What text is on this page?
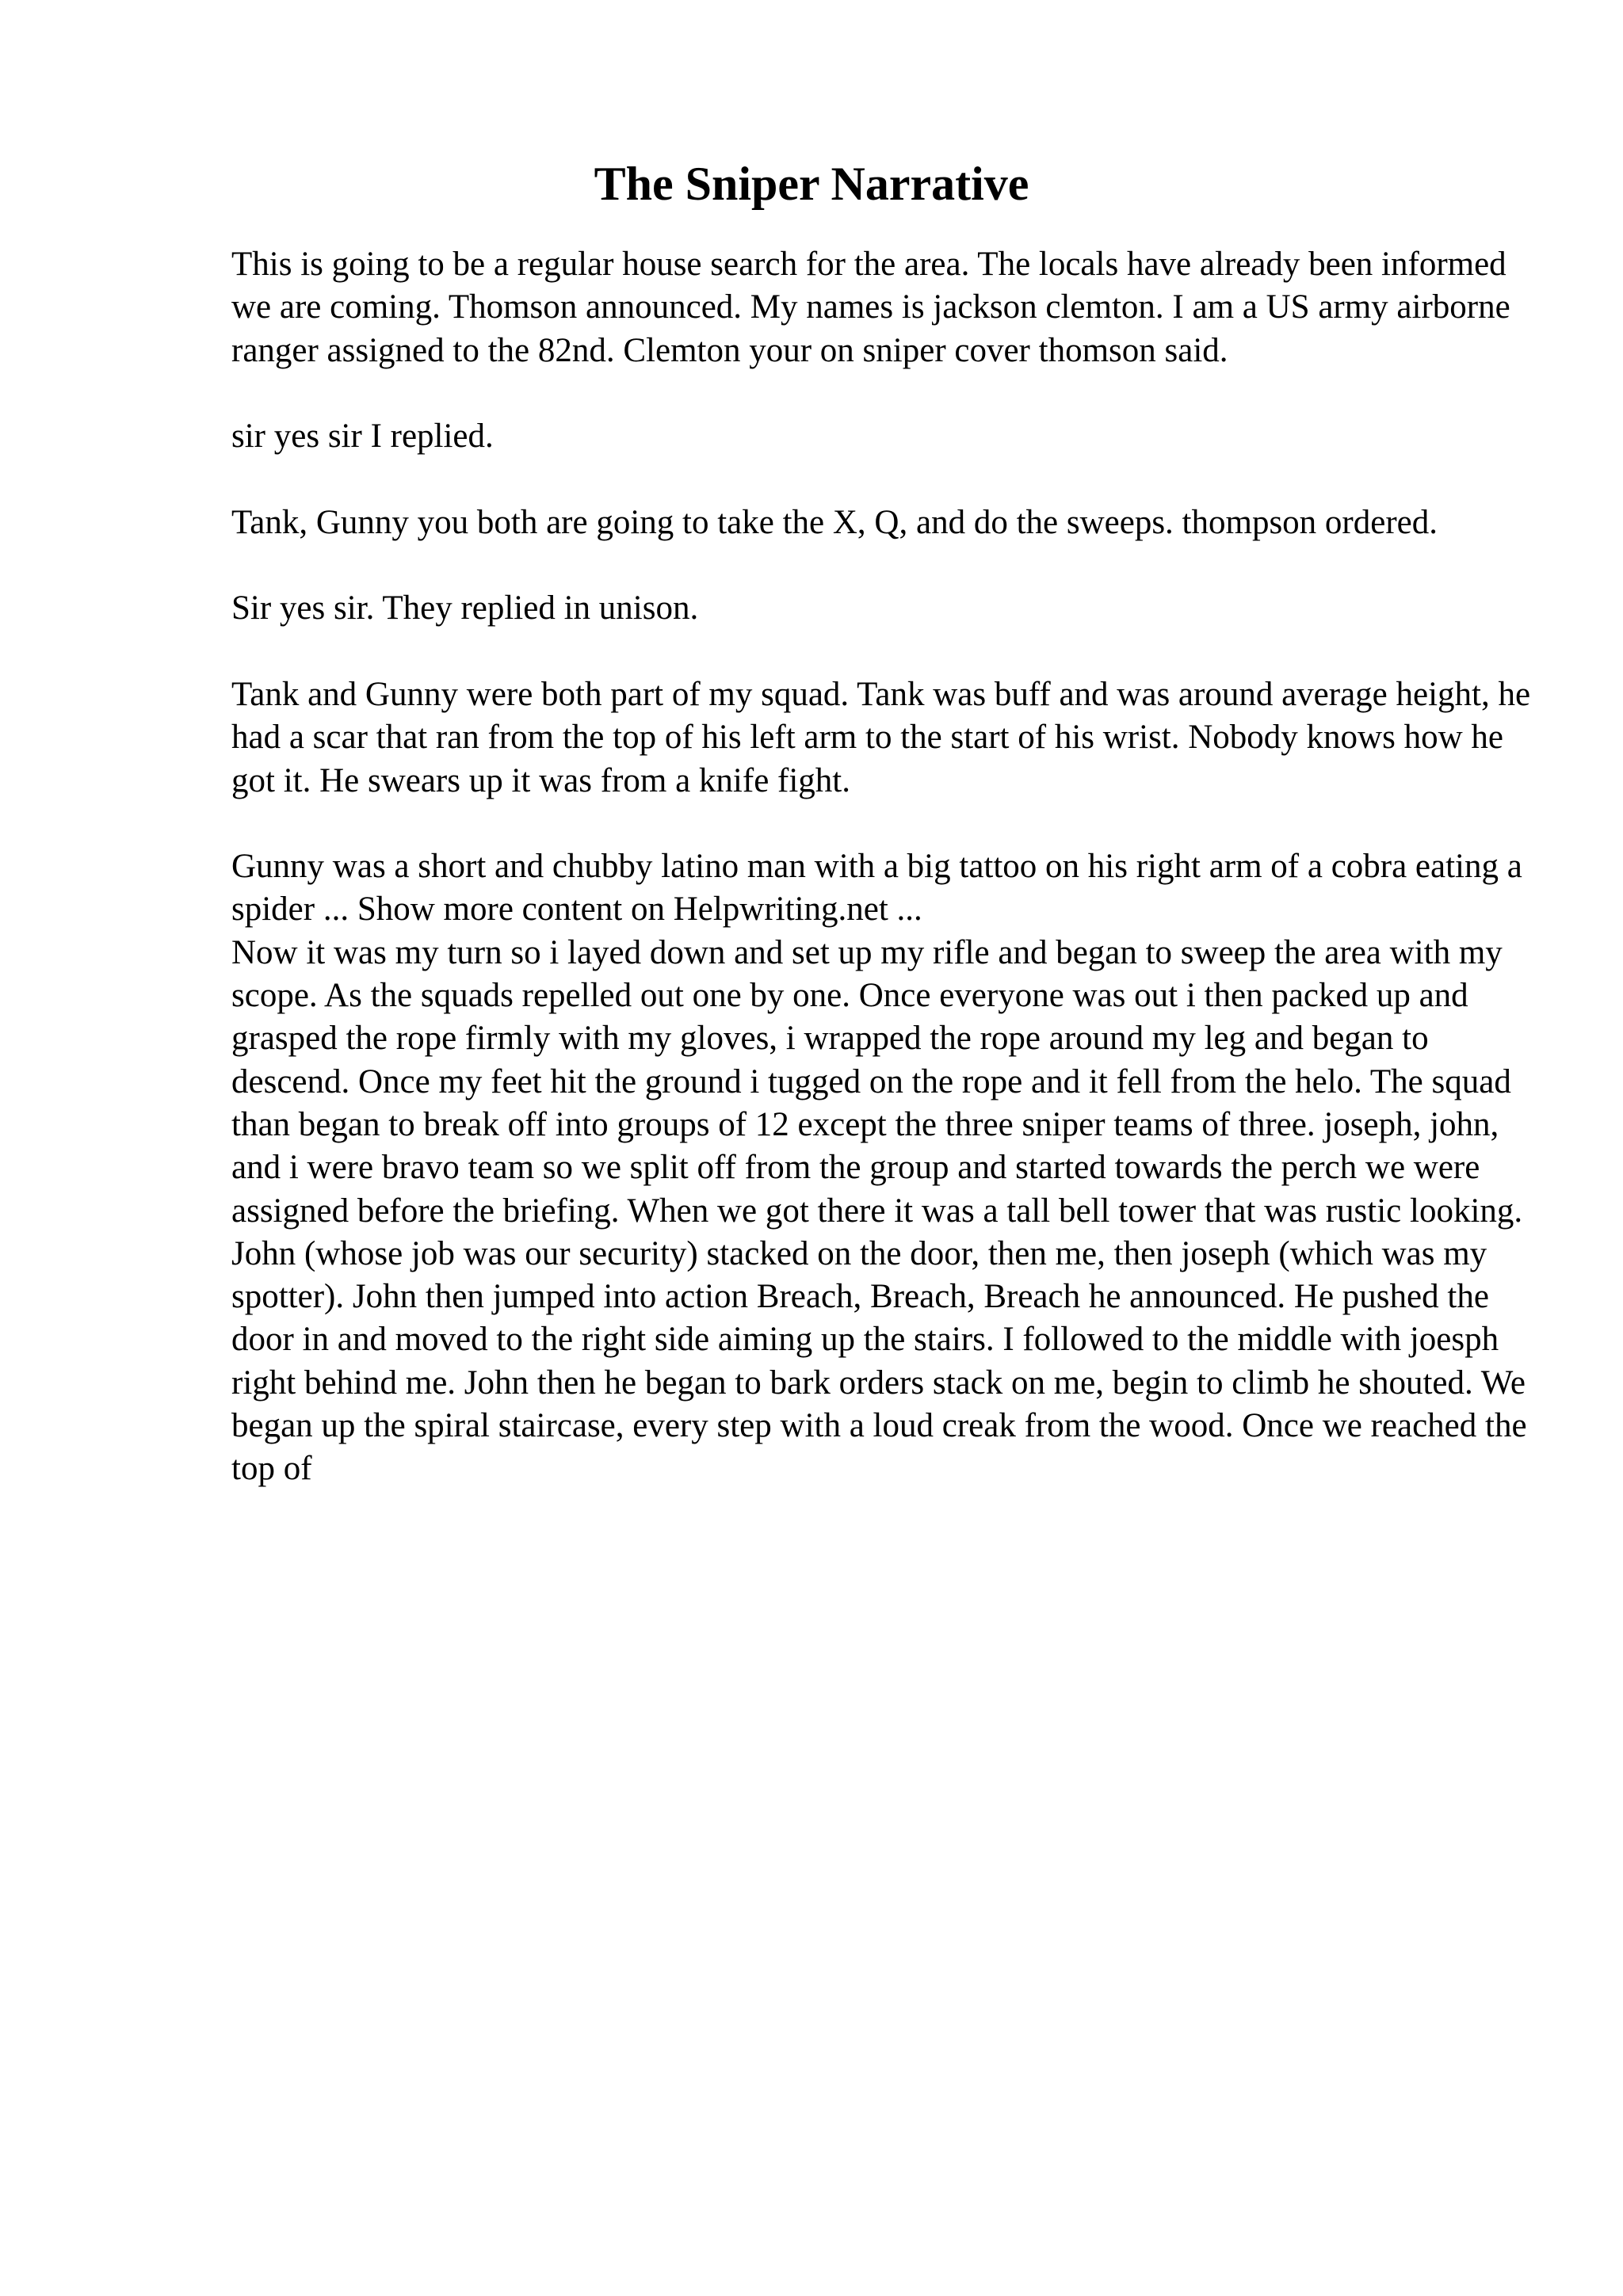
The Sniper Narrative

This is going to be a regular house search for the area. The locals have already been informed we are coming. Thomson announced. My names is jackson clemton. I am a US army airborne ranger assigned to the 82nd. Clemton your on sniper cover thomson said.

sir yes sir I replied.

Tank, Gunny you both are going to take the X, Q, and do the sweeps. thompson ordered.

Sir yes sir. They replied in unison.

Tank and Gunny were both part of my squad. Tank was buff and was around average height, he had a scar that ran from the top of his left arm to the start of his wrist. Nobody knows how he got it. He swears up it was from a knife fight.

Gunny was a short and chubby latino man with a big tattoo on his right arm of a cobra eating a spider ... Show more content on Helpwriting.net ...

Now it was my turn so i layed down and set up my rifle and began to sweep the area with my scope. As the squads repelled out one by one. Once everyone was out i then packed up and grasped the rope firmly with my gloves, i wrapped the rope around my leg and began to descend. Once my feet hit the ground i tugged on the rope and it fell from the helo. The squad than began to break off into groups of 12 except the three sniper teams of three. joseph, john, and i were bravo team so we split off from the group and started towards the perch we were assigned before the briefing. When we got there it was a tall bell tower that was rustic looking. John (whose job was our security) stacked on the door, then me, then joseph (which was my spotter). John then jumped into action Breach, Breach, Breach he announced. He pushed the door in and moved to the right side aiming up the stairs. I followed to the middle with joesph right behind me. John then he began to bark orders stack on me, begin to climb he shouted. We began up the spiral staircase, every step with a loud creak from the wood. Once we reached the top of
